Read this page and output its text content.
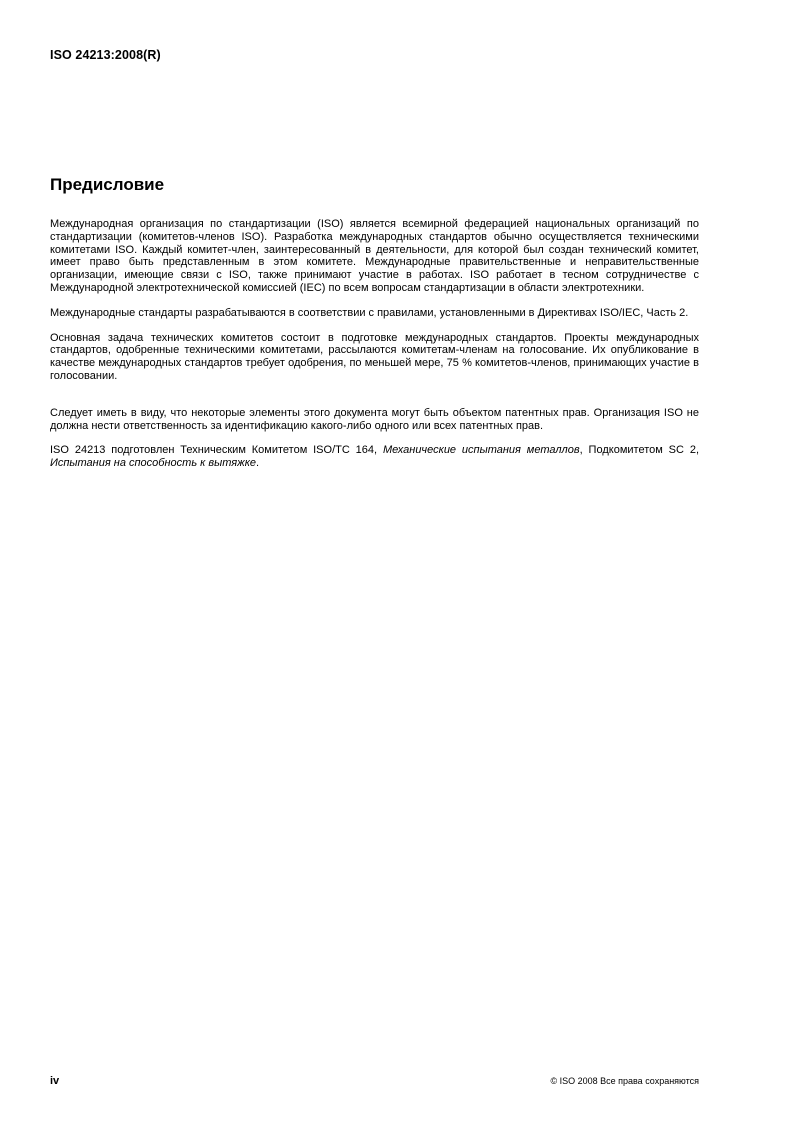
ISO 24213:2008(R)
Предисловие

Международная организация по стандартизации (ISO) является всемирной федерацией национальных организаций по стандартизации (комитетов-членов ISO). Разработка международных стандартов обычно осуществляется техническими комитетами ISO. Каждый комитет-член, заинтересованный в деятельности, для которой был создан технический комитет, имеет право быть представленным в этом комитете. Международные правительственные и неправительственные организации, имеющие связи с ISO, также принимают участие в работах. ISO работает в тесном сотрудничестве с Международной электротехнической комиссией (IEC) по всем вопросам стандартизации в области электротехники.

Международные стандарты разрабатываются в соответствии с правилами, установленными в Директивах ISO/IEC, Часть 2.

Основная задача технических комитетов состоит в подготовке международных стандартов. Проекты международных стандартов, одобренные техническими комитетами, рассылаются комитетам-членам на голосование. Их опубликование в качестве международных стандартов требует одобрения, по меньшей мере, 75 % комитетов-членов, принимающих участие в голосовании.

Следует иметь в виду, что некоторые элементы этого документа могут быть объектом патентных прав. Организация ISO не должна нести ответственность за идентификацию какого-либо одного или всех патентных прав.

ISO 24213 подготовлен Техническим Комитетом ISO/TC 164, Механические испытания металлов, Подкомитетом SC 2, Испытания на способность к вытяжке.

iv	© ISO 2008 Все права сохраняются
